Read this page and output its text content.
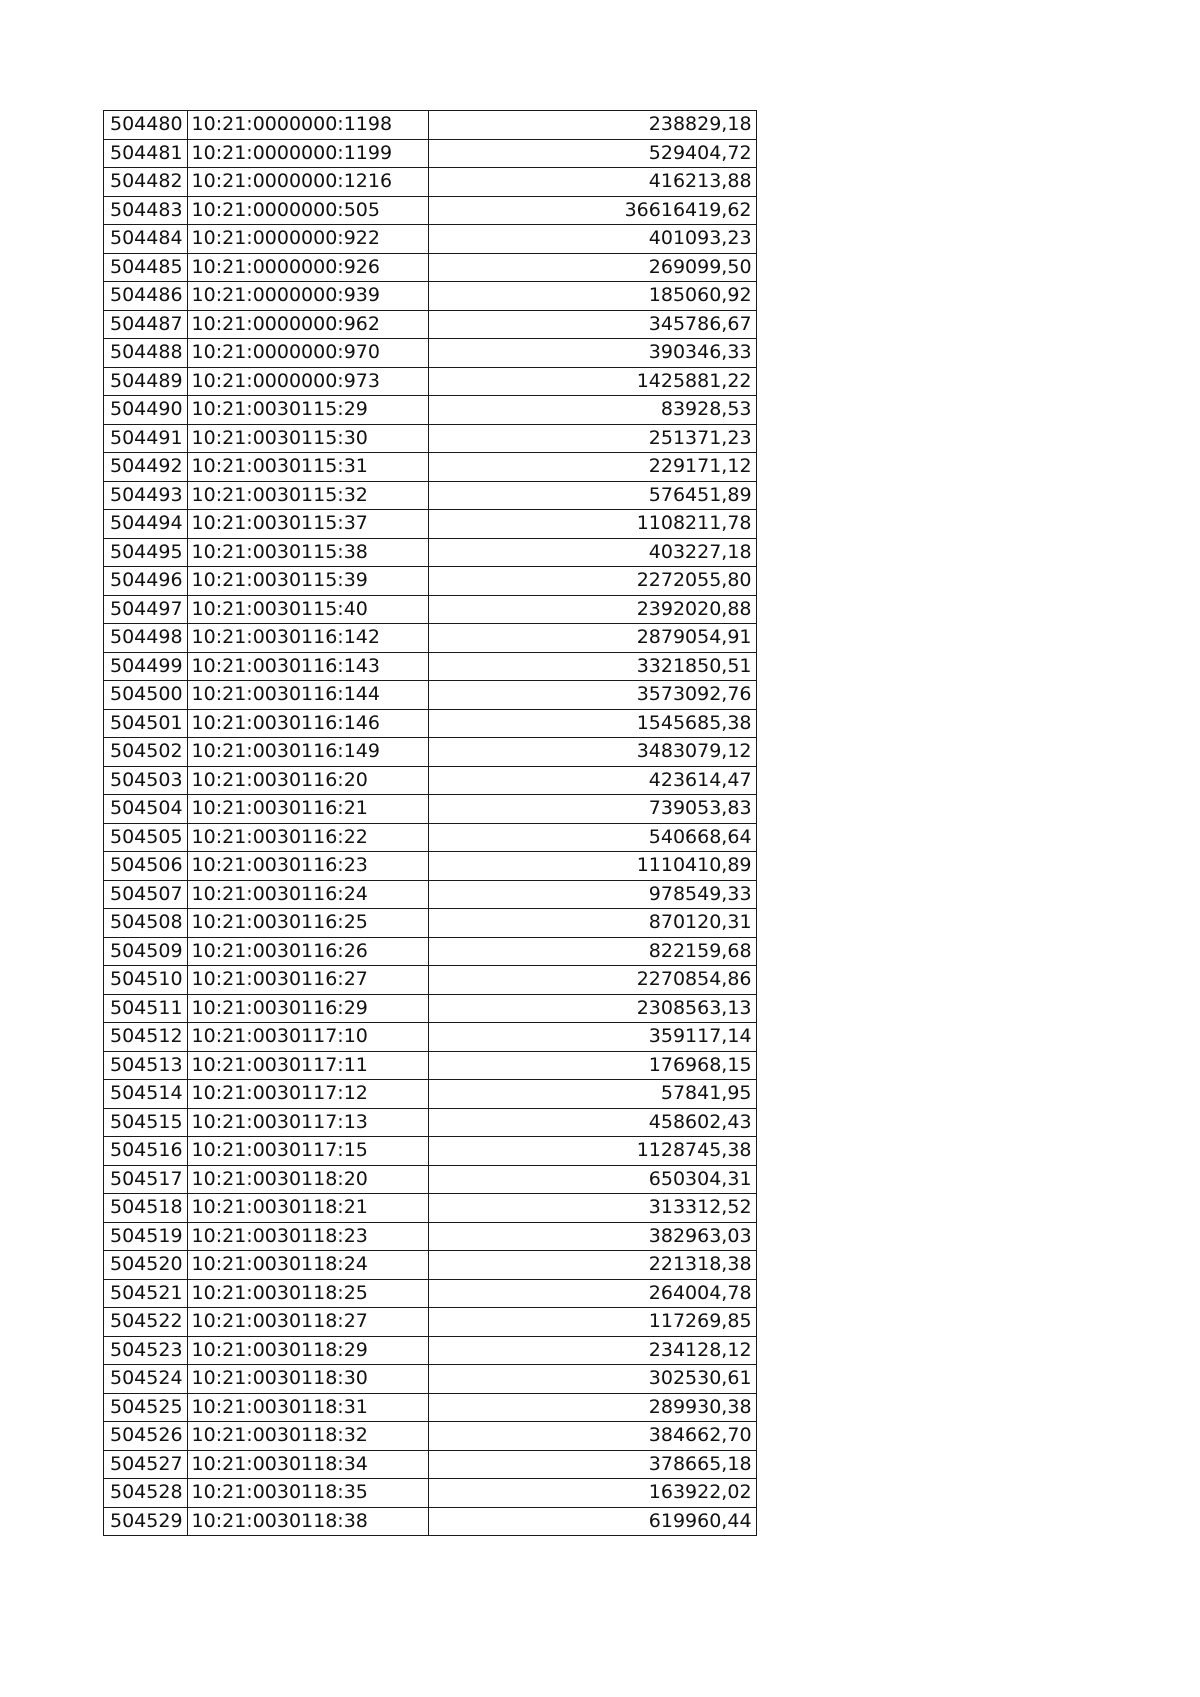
504480	10:21:0000000:1198	238829,18
504481	10:21:0000000:1199	529404,72
504482	10:21:0000000:1216	416213,88
504483	10:21:0000000:505	36616419,62
504484	10:21:0000000:922	401093,23
504485	10:21:0000000:926	269099,50
504486	10:21:0000000:939	185060,92
504487	10:21:0000000:962	345786,67
504488	10:21:0000000:970	390346,33
504489	10:21:0000000:973	1425881,22
504490	10:21:0030115:29	83928,53
504491	10:21:0030115:30	251371,23
504492	10:21:0030115:31	229171,12
504493	10:21:0030115:32	576451,89
504494	10:21:0030115:37	1108211,78
504495	10:21:0030115:38	403227,18
504496	10:21:0030115:39	2272055,80
504497	10:21:0030115:40	2392020,88
504498	10:21:0030116:142	2879054,91
504499	10:21:0030116:143	3321850,51
504500	10:21:0030116:144	3573092,76
504501	10:21:0030116:146	1545685,38
504502	10:21:0030116:149	3483079,12
504503	10:21:0030116:20	423614,47
504504	10:21:0030116:21	739053,83
504505	10:21:0030116:22	540668,64
504506	10:21:0030116:23	1110410,89
504507	10:21:0030116:24	978549,33
504508	10:21:0030116:25	870120,31
504509	10:21:0030116:26	822159,68
504510	10:21:0030116:27	2270854,86
504511	10:21:0030116:29	2308563,13
504512	10:21:0030117:10	359117,14
504513	10:21:0030117:11	176968,15
504514	10:21:0030117:12	57841,95
504515	10:21:0030117:13	458602,43
504516	10:21:0030117:15	1128745,38
504517	10:21:0030118:20	650304,31
504518	10:21:0030118:21	313312,52
504519	10:21:0030118:23	382963,03
504520	10:21:0030118:24	221318,38
504521	10:21:0030118:25	264004,78
504522	10:21:0030118:27	117269,85
504523	10:21:0030118:29	234128,12
504524	10:21:0030118:30	302530,61
504525	10:21:0030118:31	289930,38
504526	10:21:0030118:32	384662,70
504527	10:21:0030118:34	378665,18
504528	10:21:0030118:35	163922,02
504529	10:21:0030118:38	619960,44
